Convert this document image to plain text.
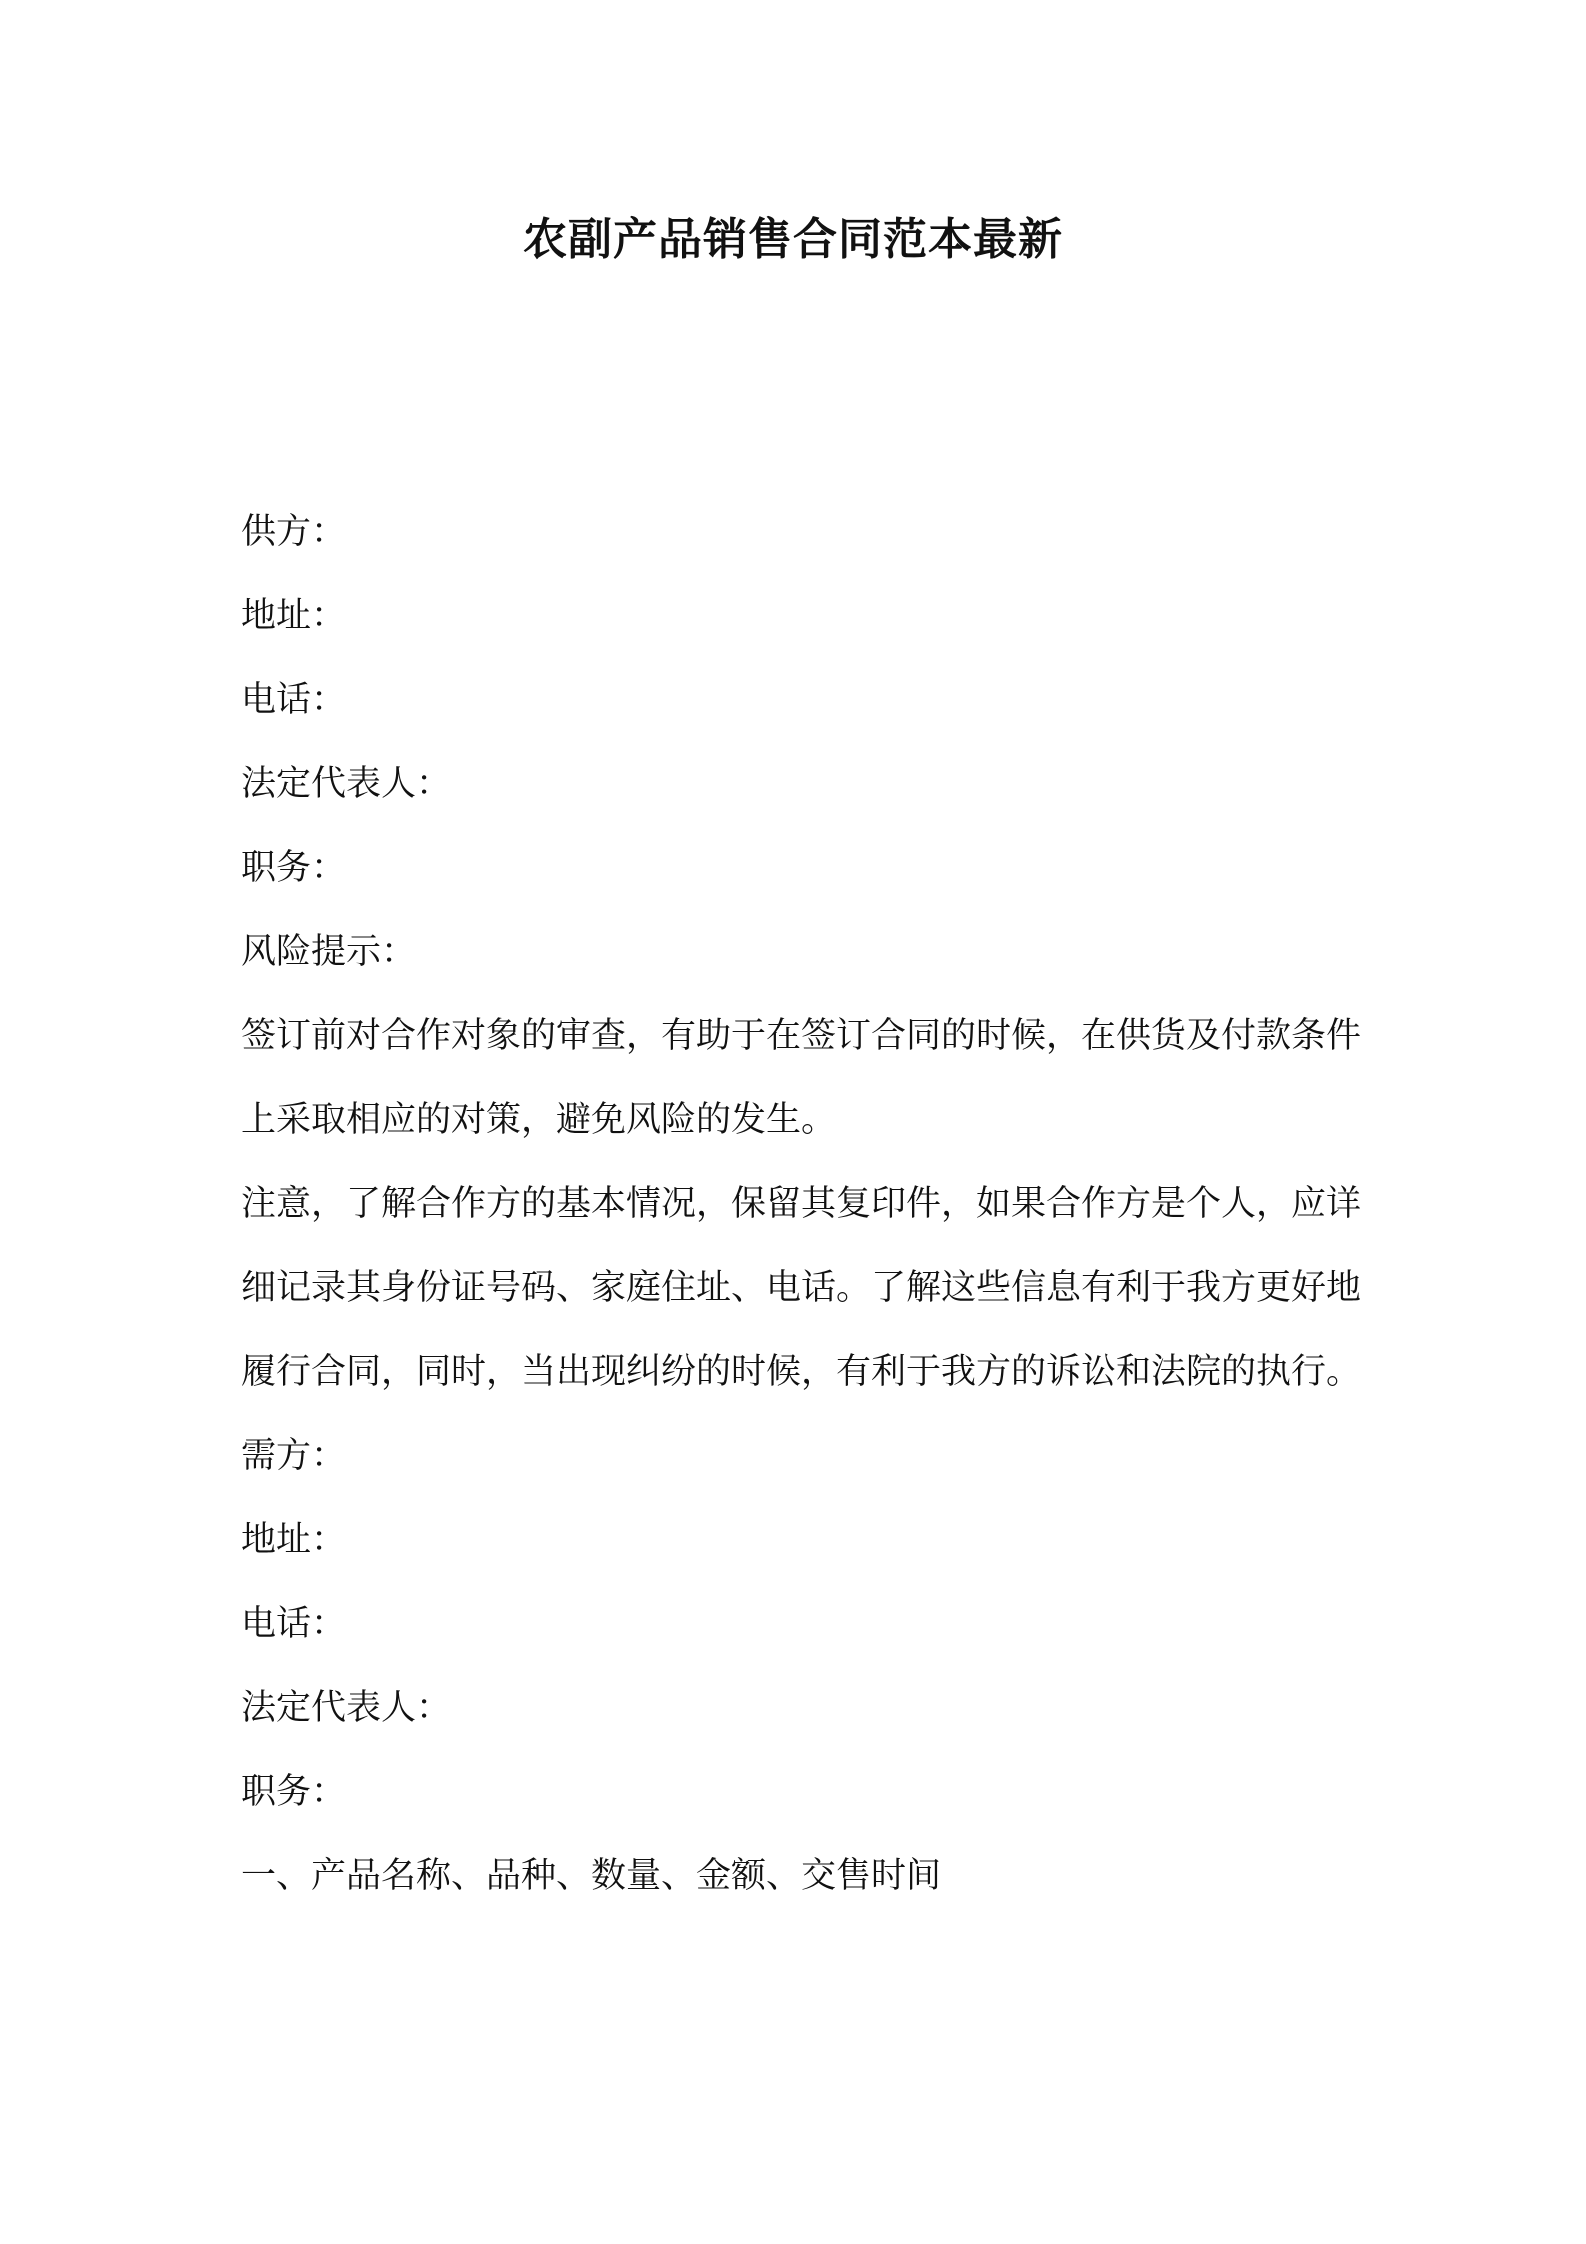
农副产品销售合同范本最新
供方：
地址：
电话：
法定代表人：
职务：
风险提示：
签订前对合作对象的审查，有助于在签订合同的时候，在供货及付款条件上采取相应的对策，避免风险的发生。
注意，了解合作方的基本情况，保留其复印件，如果合作方是个人，应详细记录其身份证号码、家庭住址、电话。了解这些信息有利于我方更好地履行合同，同时，当出现纠纷的时候，有利于我方的诉讼和法院的执行。
需方：
地址：
电话：
法定代表人：
职务：
一、产品名称、品种、数量、金额、交售时间
